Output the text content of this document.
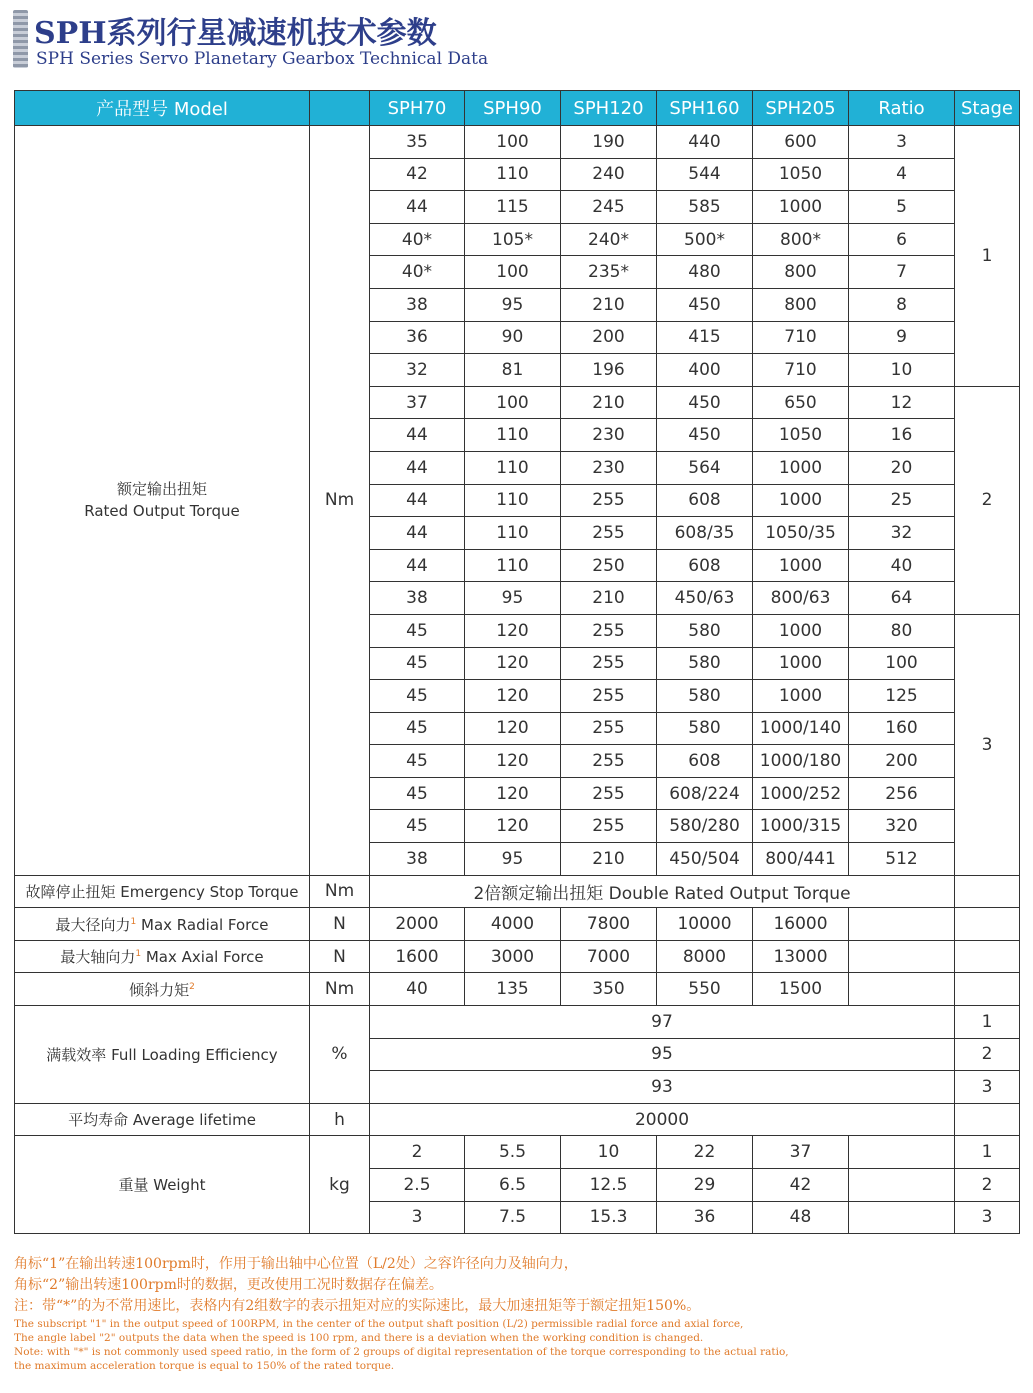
SPH系列行星减速机技术参数
SPH Series Servo Planetary Gearbox Technical Data
产品型号 Model		SPH70	SPH90	SPH120	SPH160	SPH205	Ratio	Stage

额定输出扭矩
Rated Output Torque	Nm	35	100	190	440	600	3	1
		42	110	240	544	1050	4	
		44	115	245	585	1000	5	
		40*	105*	240*	500*	800*	6	
		40*	100	235*	480	800	7	
		38	95	210	450	800	8	
		36	90	200	415	710	9	
		32	81	196	400	710	10	
		37	100	210	450	650	12	2
		44	110	230	450	1050	16	
		44	110	230	564	1000	20	
		44	110	255	608	1000	25	
		44	110	255	608/35	1050/35	32	
		44	110	250	608	1000	40	
		38	95	210	450/63	800/63	64	
		45	120	255	580	1000	80	3
		45	120	255	580	1000	100	
		45	120	255	580	1000	125	
		45	120	255	580	1000/140	160	
		45	120	255	608	1000/180	200	
		45	120	255	608/224	1000/252	256	
		45	120	255	580/280	1000/315	320	
		38	95	210	450/504	800/441	512	
故障停止扭矩 Emergency Stop Torque	Nm	2倍额定输出扭矩 Double Rated Output Torque						
最大径向力$^1$ Max Radial Force	N	2000	4000	7800	10000	16000		
最大轴向力$^1$ Max Axial Force	N	1600	3000	7000	8000	13000		
倾斜力矩$^2$	Nm	40	135	350	550	1500		
满载效率 Full Loading Efficiency	%	97						1
		95						2
		93						3
平均寿命 Average lifetime	h	20000						
重量 Weight	kg	2	5.5	10	22	37		1
		2.5	6.5	12.5	29	42		2
		3	7.5	15.3	36	48		3
角标“1”在输出转速100rpm时，作用于输出轴中心位置（L/2处）之容许径向力及轴向力，
角标“2”输出转速100rpm时的数据，更改使用工况时数据存在偏差。
注：带“*”的为不常用速比，表格内有2组数字的表示扭矩对应的实际速比，最大加速扭矩等于额定扭矩150%。
The subscript "1" in the output speed of 100RPM, in the center of the output shaft position (L/2) permissible radial force and axial force,
The angle label "2" outputs the data when the speed is 100 rpm, and there is a deviation when the working condition is changed.
Note: with "*" is not commonly used speed ratio, in the form of 2 groups of digital representation of the torque corresponding to the actual ratio,
the maximum acceleration torque is equal to 150% of the rated torque.
